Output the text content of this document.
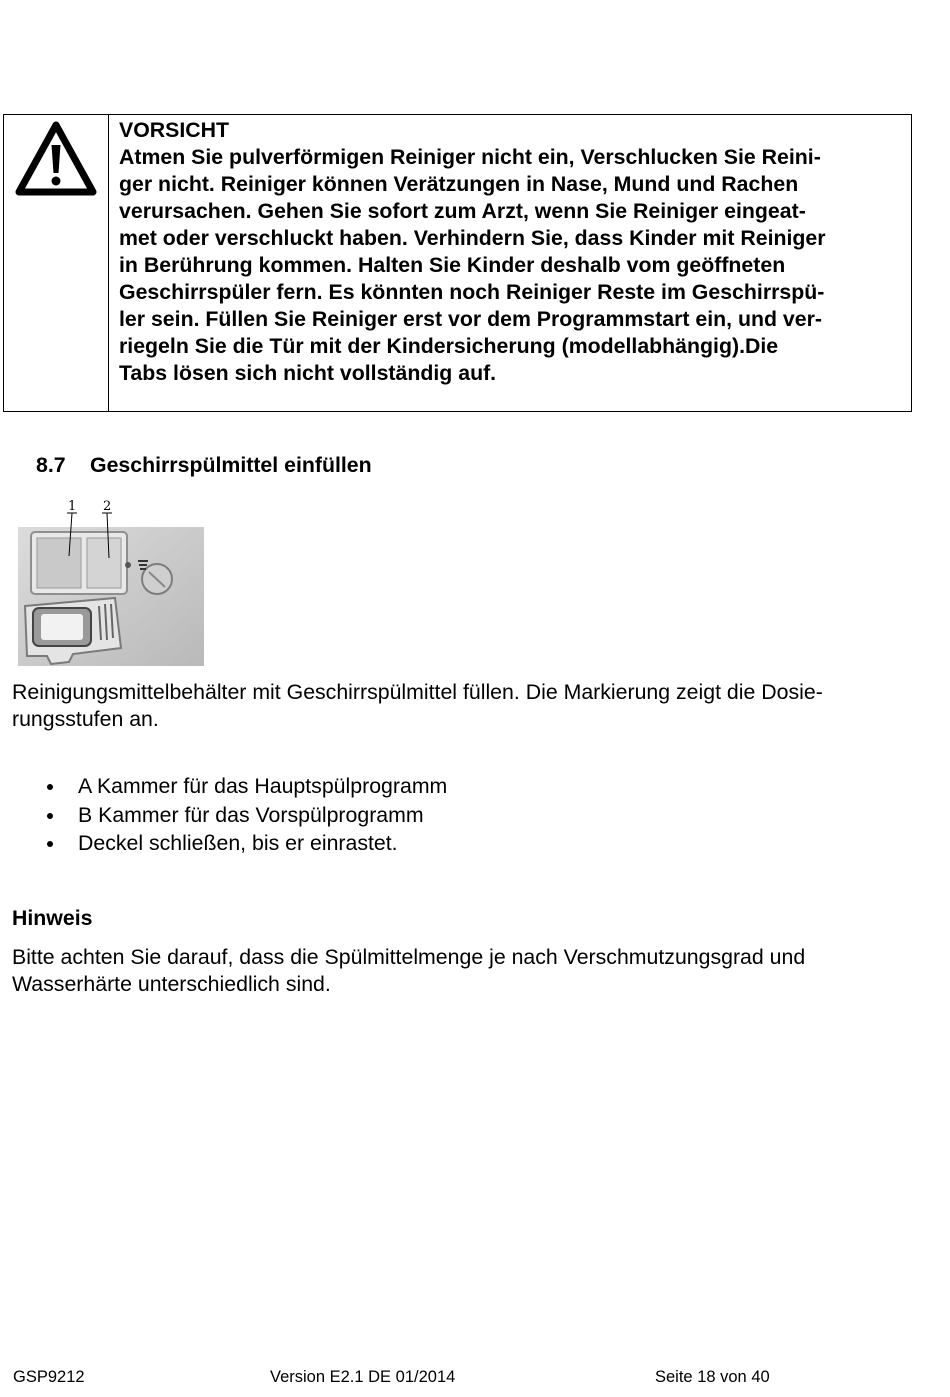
VORSICHT
Atmen Sie pulverförmigen Reiniger nicht ein, Verschlucken Sie Reini-
ger nicht. Reiniger können Verätzungen in Nase, Mund und Rachen
verursachen. Gehen Sie sofort zum Arzt, wenn Sie Reiniger eingeat-
met oder verschluckt haben. Verhindern Sie, dass Kinder mit Reiniger
in Berührung kommen. Halten Sie Kinder deshalb vom geöffneten
Geschirrspüler fern. Es könnten noch Reiniger Reste im Geschirrspü-
ler sein. Füllen Sie Reiniger erst vor dem Programmstart ein, und ver-
riegeln Sie die Tür mit der Kindersicherung (modellabhängig).Die
Tabs lösen sich nicht vollständig auf.
8.7 Geschirrspülmittel einfüllen
1 2
Reinigungsmittelbehälter mit Geschirrspülmittel füllen. Die Markierung zeigt die Dosie-
rungsstufen an.
A Kammer für das Hauptspülprogramm
B Kammer für das Vorspülprogramm
Deckel schließen, bis er einrastet.
Hinweis
Bitte achten Sie darauf, dass die Spülmittelmenge je nach Verschmutzungsgrad und
Wasserhärte unterschiedlich sind.
GSP9212	Version E2.1 DE 01/2014	Seite 18 von 40
